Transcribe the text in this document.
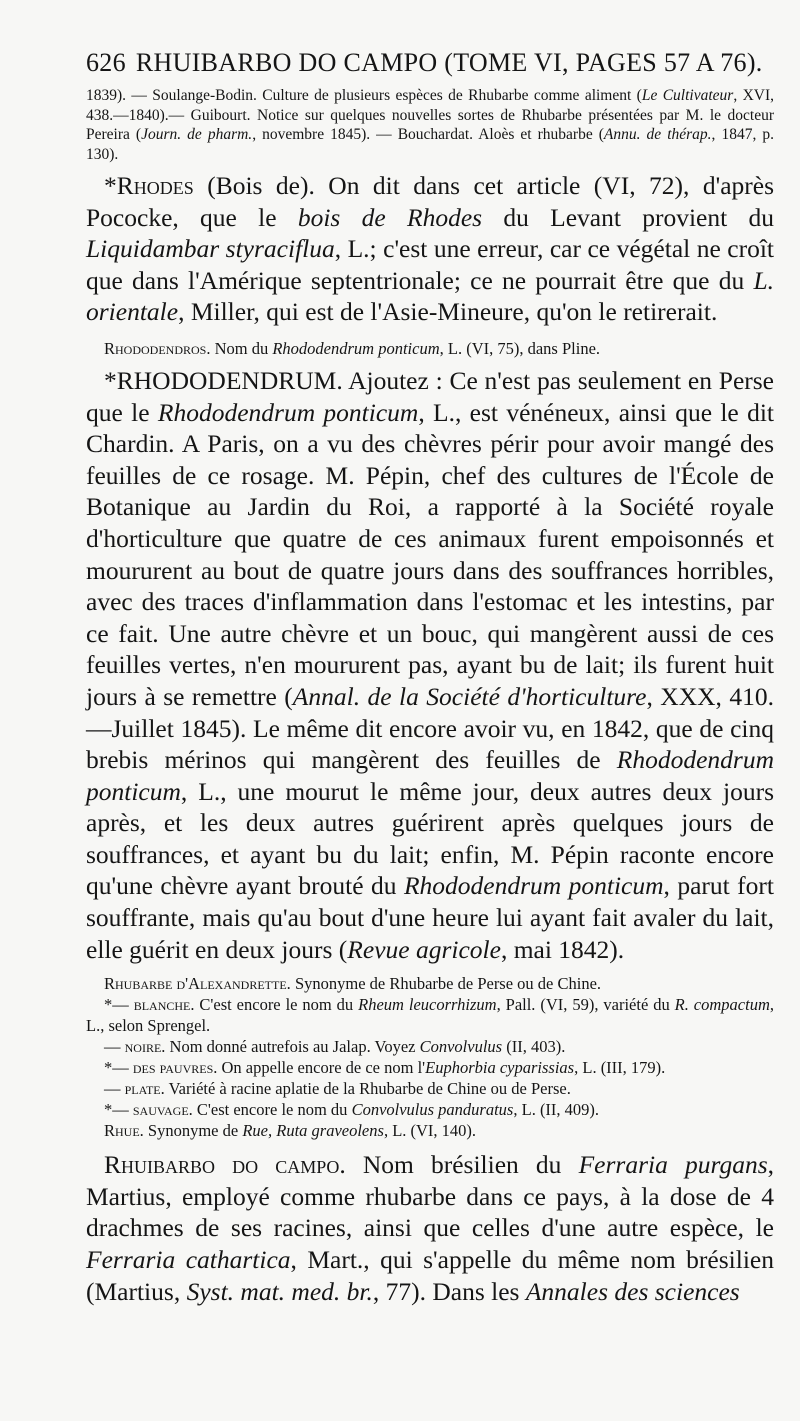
626 RHUIBARBO DO CAMPO (TOME VI, PAGES 57 A 76).

1839). — Soulange-Bodin. Culture de plusieurs espèces de Rhubarbe comme aliment (Le Cultivateur, XVI, 438.—1840).— Guibourt. Notice sur quelques nouvelles sortes de Rhubarbe présentées par M. le docteur Pereira (Journ. de pharm., novembre 1845). — Bouchardat. Aloès et rhubarbe (Annu. de thérap., 1847, p. 130).

*Rhodes (Bois de). On dit dans cet article (VI, 72), d'après Pococke, que le bois de Rhodes du Levant provient du Liquidambar styraciflua, L.; c'est une erreur, car ce végétal ne croît que dans l'Amérique septentrionale; ce ne pourrait être que du L. orientale, Miller, qui est de l'Asie-Mineure, qu'on le retirerait.

Rhododendros. Nom du Rhododendrum ponticum, L. (VI, 75), dans Pline.

*RHODODENDRUM. Ajoutez : Ce n'est pas seulement en Perse que le Rhododendrum ponticum, L., est vénéneux, ainsi que le dit Chardin. A Paris, on a vu des chèvres périr pour avoir mangé des feuilles de ce rosage. M. Pépin, chef des cultures de l'École de Botanique au Jardin du Roi, a rapporté à la Société royale d'horticulture que quatre de ces animaux furent empoisonnés et moururent au bout de quatre jours dans des souffrances horribles, avec des traces d'inflammation dans l'estomac et les intestins, par ce fait. Une autre chèvre et un bouc, qui mangèrent aussi de ces feuilles vertes, n'en moururent pas, ayant bu de lait; ils furent huit jours à se remettre (Annal. de la Société d'horticulture, XXX, 410. —Juillet 1845). Le même dit encore avoir vu, en 1842, que de cinq brebis mérinos qui mangèrent des feuilles de Rhododendrum ponticum, L., une mourut le même jour, deux autres deux jours après, et les deux autres guérirent après quelques jours de souffrances, et ayant bu du lait; enfin, M. Pépin raconte encore qu'une chèvre ayant brouté du Rhododendrum ponticum, parut fort souffrante, mais qu'au bout d'une heure lui ayant fait avaler du lait, elle guérit en deux jours (Revue agricole, mai 1842).

Rhubarbe d'Alexandrette. Synonyme de Rhubarbe de Perse ou de Chine.

*— blanche. C'est encore le nom du Rheum leucorrhizum, Pall. (VI, 59), variété du R. compactum, L., selon Sprengel.

— noire. Nom donné autrefois au Jalap. Voyez Convolvulus (II, 403).

*— des pauvres. On appelle encore de ce nom l'Euphorbia cyparissias, L. (III, 179).

— plate. Variété à racine aplatie de la Rhubarbe de Chine ou de Perse.

*— sauvage. C'est encore le nom du Convolvulus panduratus, L. (II, 409).

Rhue. Synonyme de Rue, Ruta graveolens, L. (VI, 140).

Rhuibarbo do campo. Nom brésilien du Ferraria purgans, Martius, employé comme rhubarbe dans ce pays, à la dose de 4 drachmes de ses racines, ainsi que celles d'une autre espèce, le Ferraria cathartica, Mart., qui s'appelle du même nom brésilien (Martius, Syst. mat. med. br., 77). Dans les Annales des sciences
